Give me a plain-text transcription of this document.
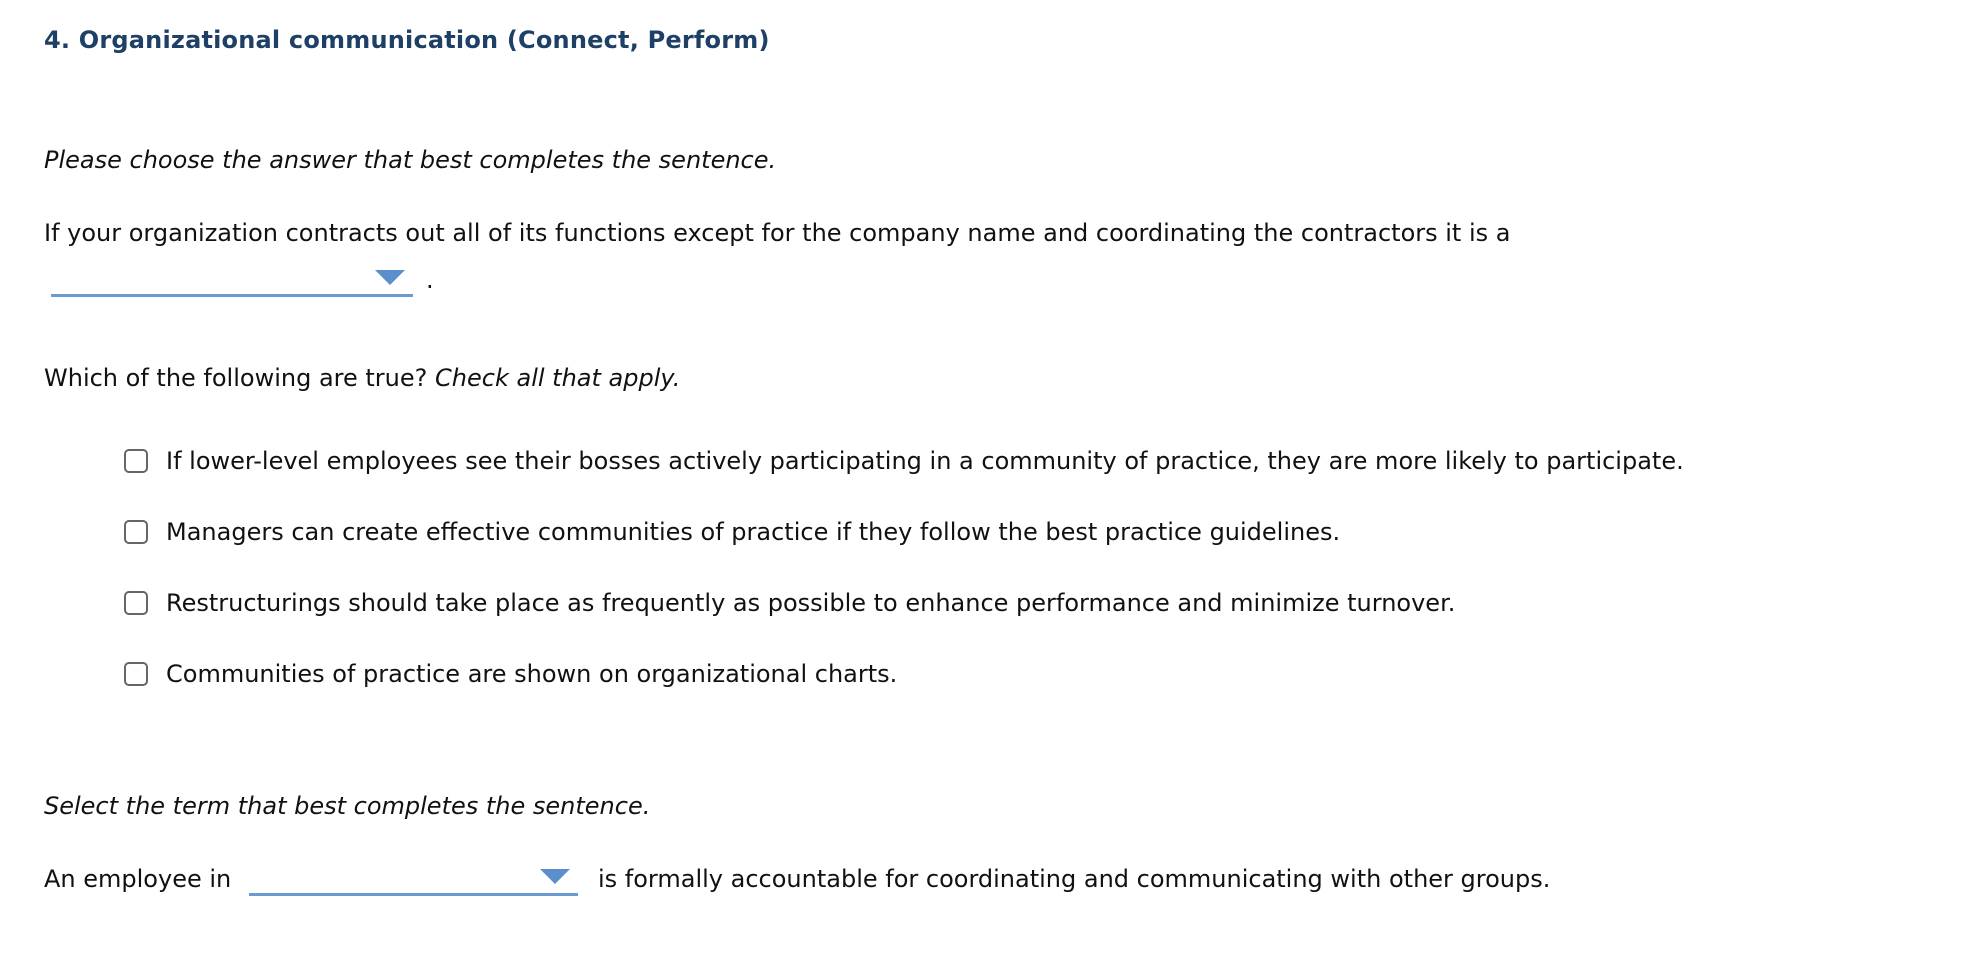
4. Organizational communication (Connect, Perform)
Please choose the answer that best completes the sentence.
If your organization contracts out all of its functions except for the company name and coordinating the contractors it is a
.
Which of the following are true? Check all that apply.
If lower-level employees see their bosses actively participating in a community of practice, they are more likely to participate.
Managers can create effective communities of practice if they follow the best practice guidelines.
Restructurings should take place as frequently as possible to enhance performance and minimize turnover.
Communities of practice are shown on organizational charts.
Select the term that best completes the sentence.
An employee in	is formally accountable for coordinating and communicating with other groups.
